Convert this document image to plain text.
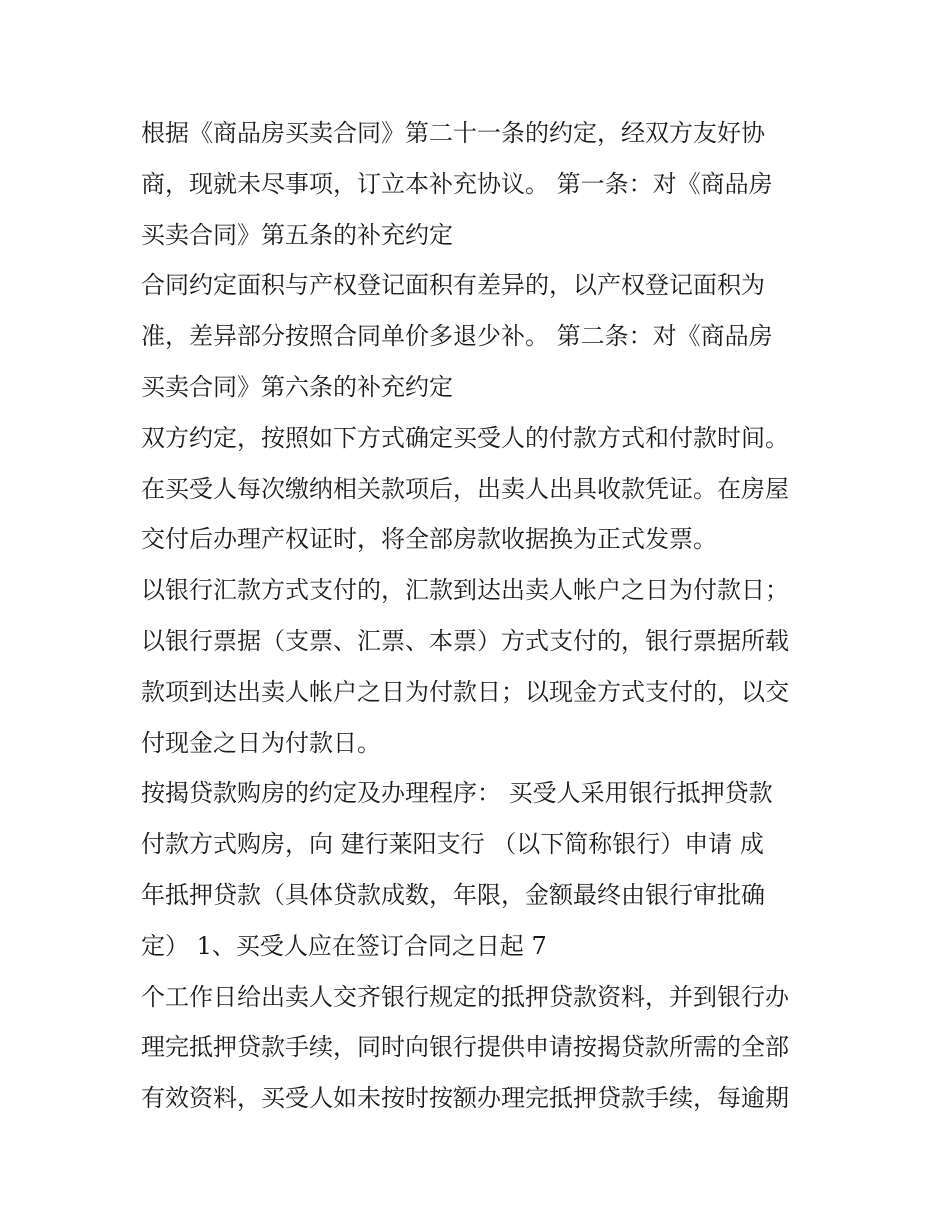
根据《商品房买卖合同》第二十一条的约定，经双方友好协
商，现就未尽事项，订立本补充协议。 第一条：对《商品房
买卖合同》第五条的补充约定
合同约定面积与产权登记面积有差异的，以产权登记面积为
准，差异部分按照合同单价多退少补。 第二条：对《商品房
买卖合同》第六条的补充约定
双方约定，按照如下方式确定买受人的付款方式和付款时间。
在买受人每次缴纳相关款项后，出卖人出具收款凭证。在房屋
交付后办理产权证时，将全部房款收据换为正式发票。
以银行汇款方式支付的，汇款到达出卖人帐户之日为付款日；
以银行票据（支票、汇票、本票）方式支付的，银行票据所载
款项到达出卖人帐户之日为付款日；以现金方式支付的，以交
付现金之日为付款日。
按揭贷款购房的约定及办理程序： 买受人采用银行抵押贷款
付款方式购房，向 建行莱阳支行 （以下简称银行）申请 成
年抵押贷款（具体贷款成数，年限，金额最终由银行审批确
定） 1、买受人应在签订合同之日起 7
个工作日给出卖人交齐银行规定的抵押贷款资料，并到银行办
理完抵押贷款手续，同时向银行提供申请按揭贷款所需的全部
有效资料，买受人如未按时按额办理完抵押贷款手续，每逾期
